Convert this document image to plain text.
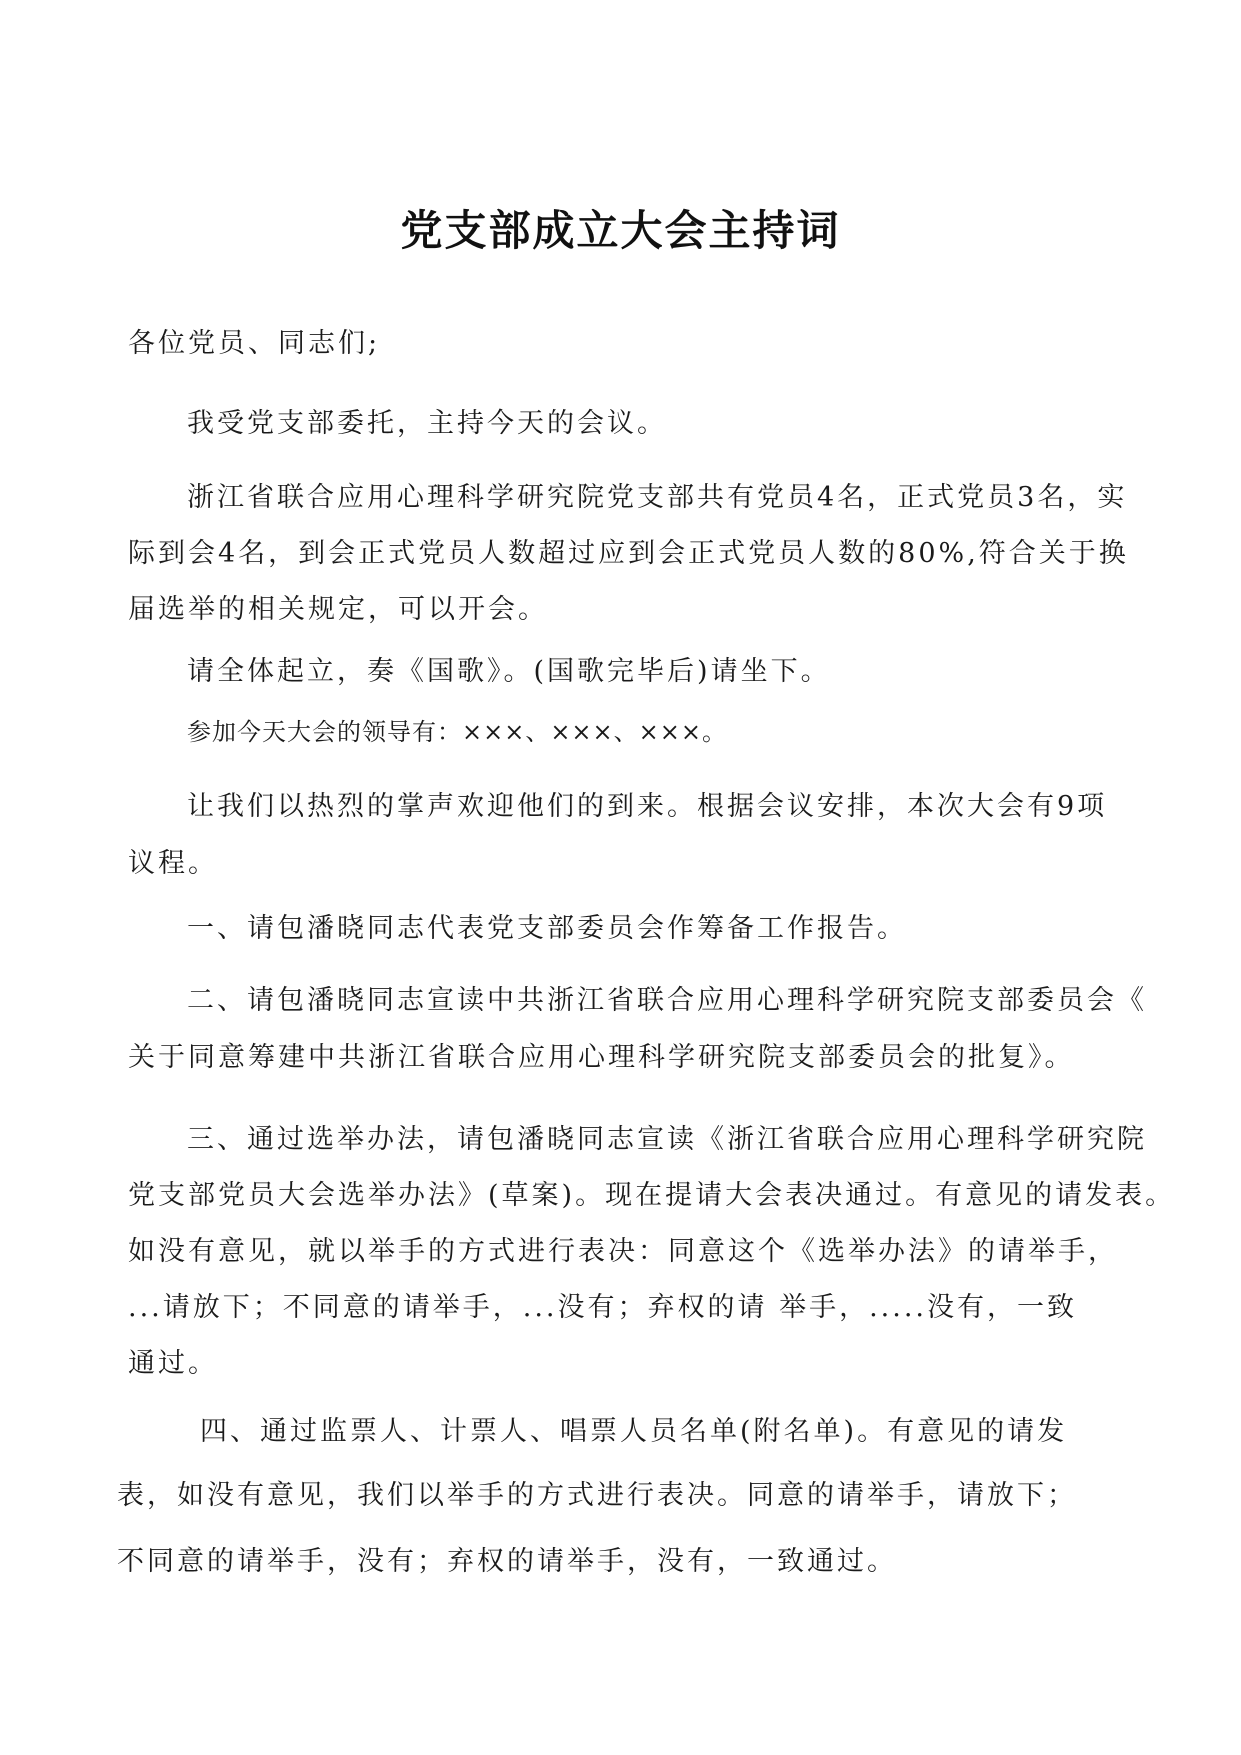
党支部成立大会主持词
各位党员、同志们;
我受党支部委托，主持今天的会议。
浙江省联合应用心理科学研究院党支部共有党员4名，正式党员3名，实
际到会4名，到会正式党员人数超过应到会正式党员人数的80%,符合关于换
届选举的相关规定，可以开会。
请全体起立，奏《国歌》。(国歌完毕后)请坐下。
参加今天大会的领导有：×××、×××、×××。
让我们以热烈的掌声欢迎他们的到来。根据会议安排，本次大会有9项
议程。
一、请包潘晓同志代表党支部委员会作筹备工作报告。
二、请包潘晓同志宣读中共浙江省联合应用心理科学研究院支部委员会《
关于同意筹建中共浙江省联合应用心理科学研究院支部委员会的批复》。
三、通过选举办法，请包潘晓同志宣读《浙江省联合应用心理科学研究院
党支部党员大会选举办法》(草案)。现在提请大会表决通过。有意见的请发表。
如没有意见，就以举手的方式进行表决：同意这个《选举办法》的请举手，
...请放下；不同意的请举手，...没有；弃权的请 举手，.....没有，一致
通过。
四、通过监票人、计票人、唱票人员名单(附名单)。有意见的请发
表，如没有意见，我们以举手的方式进行表决。同意的请举手，请放下；
不同意的请举手，没有；弃权的请举手，没有，一致通过。
